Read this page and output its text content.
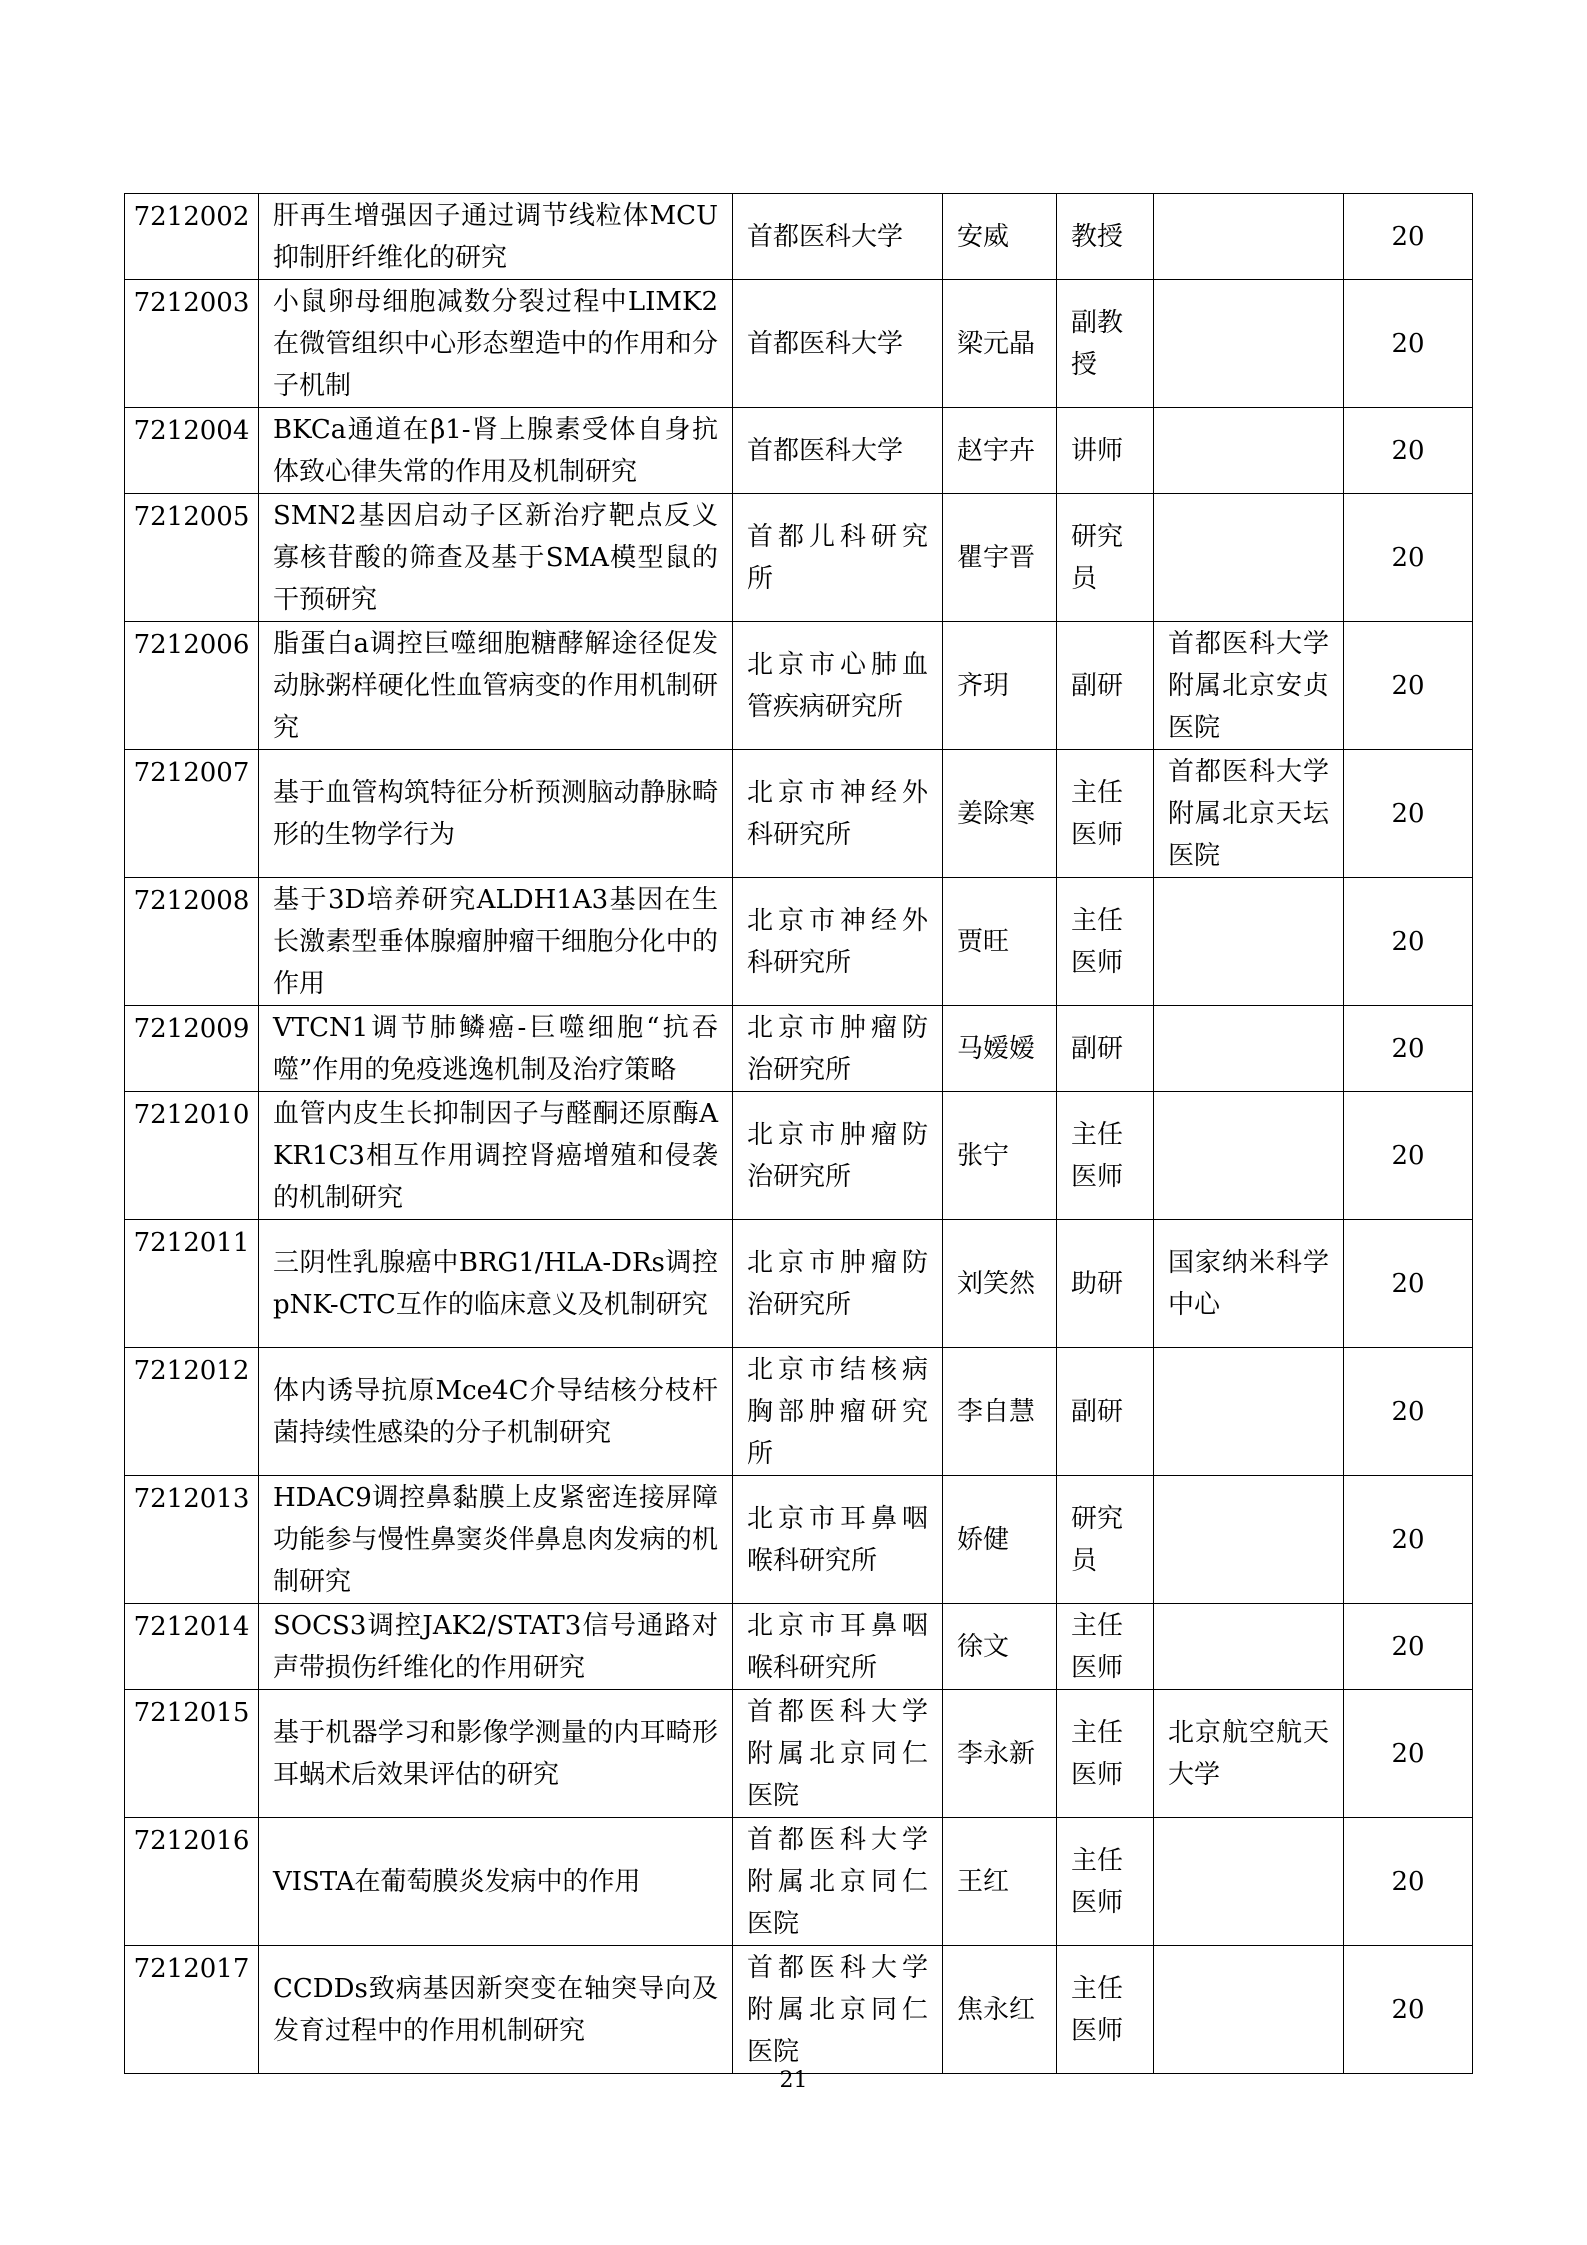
7212002	肝再生增强因子通过调节线粒体MCU抑制肝纤维化的研究	首都医科大学	安威	教授		20
7212003	小鼠卵母细胞减数分裂过程中LIMK2在微管组织中心形态塑造中的作用和分子机制	首都医科大学	梁元晶	副教授		20
7212004	BKCa通道在β1-肾上腺素受体自身抗体致心律失常的作用及机制研究	首都医科大学	赵宇卉	讲师		20
7212005	SMN2基因启动子区新治疗靶点反义寡核苷酸的筛查及基于SMA模型鼠的干预研究	首都儿科研究所	瞿宇晋	研究员		20
7212006	脂蛋白a调控巨噬细胞糖酵解途径促发动脉粥样硬化性血管病变的作用机制研究	北京市心肺血管疾病研究所	齐玥	副研	首都医科大学附属北京安贞医院	20
7212007	基于血管构筑特征分析预测脑动静脉畸形的生物学行为	北京市神经外科研究所	姜除寒	主任医师	首都医科大学附属北京天坛医院	20
7212008	基于3D培养研究ALDH1A3基因在生长激素型垂体腺瘤肿瘤干细胞分化中的作用	北京市神经外科研究所	贾旺	主任医师		20
7212009	VTCN1调节肺鳞癌-巨噬细胞“抗吞噬”作用的免疫逃逸机制及治疗策略	北京市肿瘤防治研究所	马嫒嫒	副研		20
7212010	血管内皮生长抑制因子与醛酮还原酶AKR1C3相互作用调控肾癌增殖和侵袭的机制研究	北京市肿瘤防治研究所	张宁	主任医师		20
7212011	三阴性乳腺癌中BRG1/HLA-DRs调控pNK-CTC互作的临床意义及机制研究	北京市肿瘤防治研究所	刘笑然	助研	国家纳米科学中心	20
7212012	体内诱导抗原Mce4C介导结核分枝杆菌持续性感染的分子机制研究	北京市结核病胸部肿瘤研究所	李自慧	副研		20
7212013	HDAC9调控鼻黏膜上皮紧密连接屏障功能参与慢性鼻窦炎伴鼻息肉发病的机制研究	北京市耳鼻咽喉科研究所	娇健	研究员		20
7212014	SOCS3调控JAK2/STAT3信号通路对声带损伤纤维化的作用研究	北京市耳鼻咽喉科研究所	徐文	主任医师		20
7212015	基于机器学习和影像学测量的内耳畸形耳蜗术后效果评估的研究	首都医科大学附属北京同仁医院	李永新	主任医师	北京航空航天大学	20
7212016	VISTA在葡萄膜炎发病中的作用	首都医科大学附属北京同仁医院	王红	主任医师		20
7212017	CCDDs致病基因新突变在轴突导向及发育过程中的作用机制研究	首都医科大学附属北京同仁医院	焦永红	主任医师		20
21
